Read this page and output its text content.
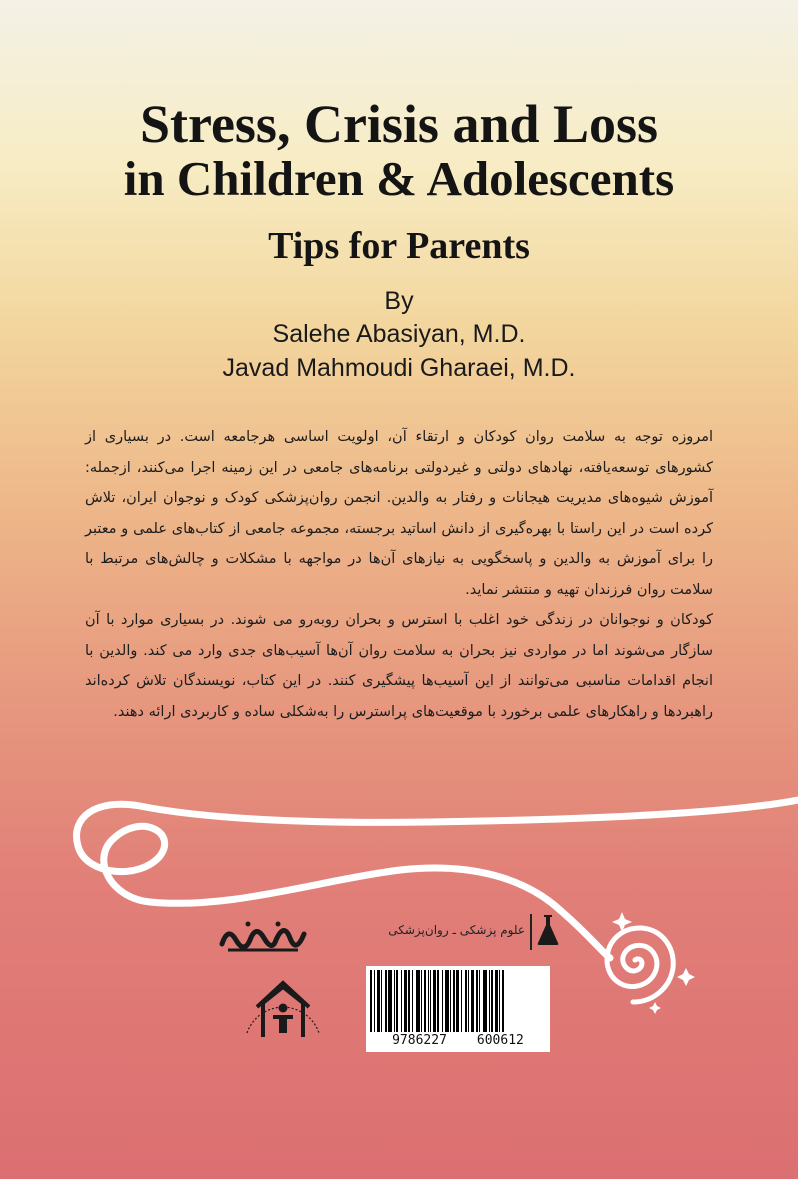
Stress, Crisis and Loss
in Children & Adolescents
Tips for Parents
By
Salehe Abasiyan, M.D.
Javad Mahmoudi Gharaei, M.D.

امروزه توجه به سلامت روان کودکان و ارتقاء آن، اولویت اساسی هرجامعه است. در بسیاری از کشورهای توسعه‌یافته، نهادهای دولتی و غیردولتی برنامه‌های جامعی در این زمینه اجرا می‌کنند، ازجمله: آموزش شیوه‌های مدیریت هیجانات و رفتار به والدین. انجمن روان‌پزشکی کودک و نوجوان ایران، تلاش کرده است در این راستا با بهره‌گیری از دانش اساتید برجسته، مجموعه جامعی از کتاب‌های علمی و معتبر را برای آموزش به والدین و پاسخگویی به نیازهای آن‌ها در مواجهه با مشکلات و چالش‌های مرتبط با سلامت روان فرزندان تهیه و منتشر نماید.

کودکان و نوجوانان در زندگی خود اغلب با استرس و بحران روبه‌رو می شوند. در بسیاری موارد با آن سازگار می‌شوند اما در مواردی نیز بحران به سلامت روان آن‌ها آسیب‌های جدی وارد می کند. والدین با انجام اقدامات مناسبی می‌توانند از این آسیب‌ها پیشگیری کنند. در این کتاب، نویسندگان تلاش کرده‌اند راهبردها و راهکارهای علمی برخورد با موقعیت‌های پراسترس را به‌شکلی ساده و کاربردی ارائه دهند.

علوم پزشکی ـ روان‌پزشکی
9786227 600612
